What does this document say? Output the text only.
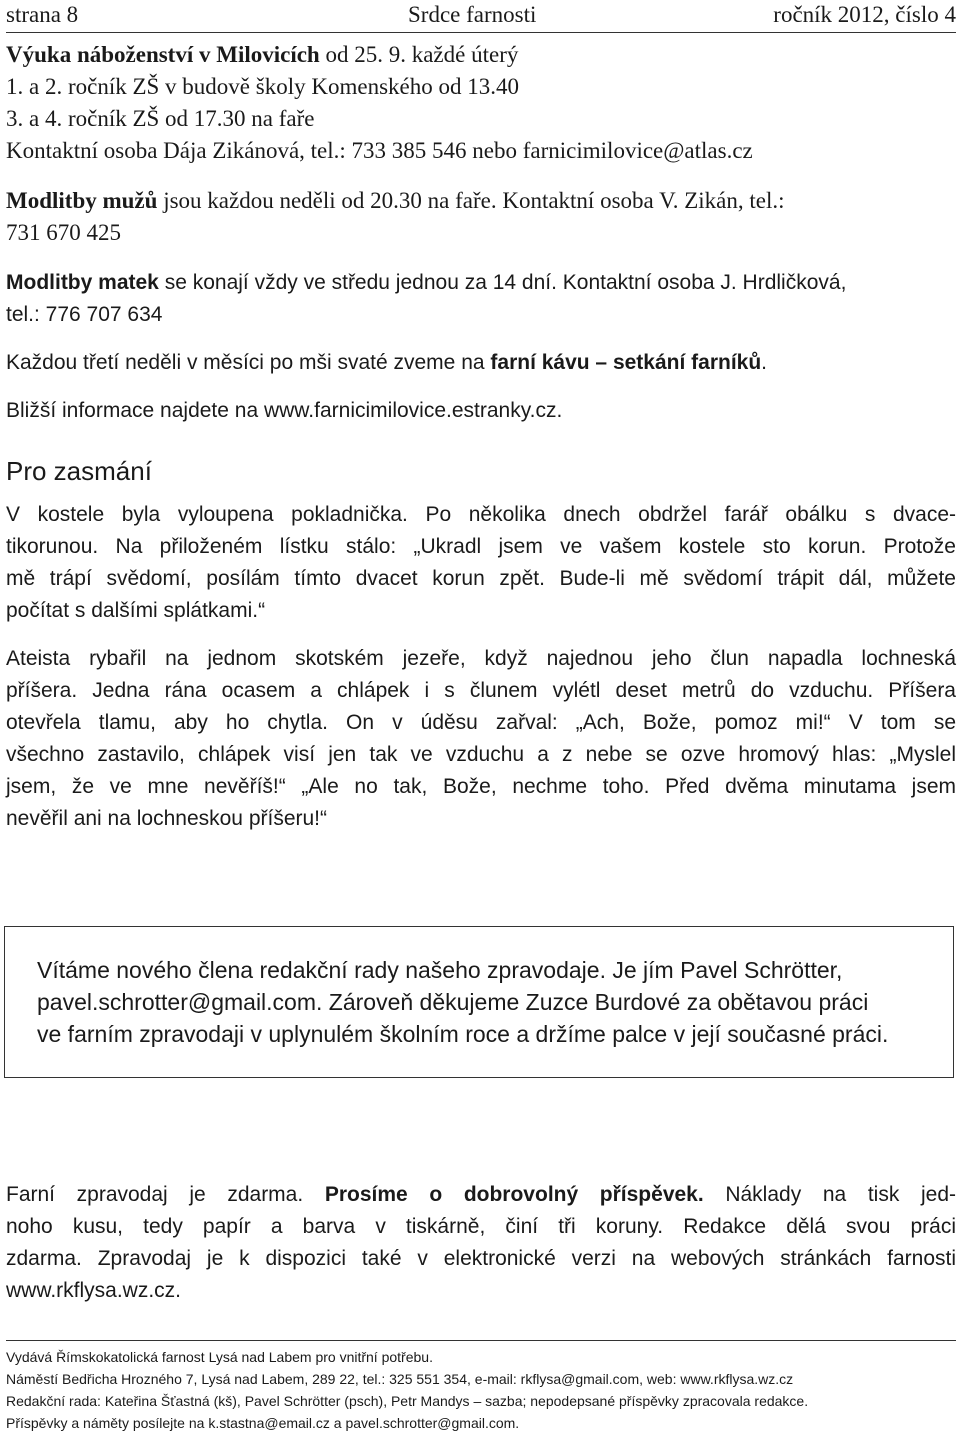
strana 8	Srdce farnosti	ročník 2012, číslo 4
Výuka náboženství v Milovicích od 25. 9. každé úterý
1. a 2. ročník ZŠ v budově školy Komenského od 13.40
3. a 4. ročník ZŠ od 17.30 na faře
Kontaktní osoba Dája Zikánová, tel.: 733 385 546 nebo farnicimilovice@atlas.cz
Modlitby mužů jsou každou neděli od 20.30 na faře. Kontaktní osoba V. Zikán, tel.:
731 670 425
Modlitby matek se konají vždy ve středu jednou za 14 dní. Kontaktní osoba J. Hrdličková,
tel.: 776 707 634
Každou třetí neděli v měsíci po mši svaté zveme na farní kávu – setkání farníků.
Bližší informace najdete na www.farnicimilovice.estranky.cz.
Pro zasmání
V kostele byla vyloupena pokladnička. Po několika dnech obdržel farář obálku s dvace-
tikorunou. Na přiloženém lístku stálo: „Ukradl jsem ve vašem kostele sto korun. Protože
mě trápí svědomí, posílám tímto dvacet korun zpět. Bude-li mě svědomí trápit dál, můžete
počítat s dalšími splátkami.“
Ateista rybařil na jednom skotském jezeře, když najednou jeho člun napadla lochneská
příšera. Jedna rána ocasem a chlápek i s člunem vylétl deset metrů do vzduchu. Příšera
otevřela tlamu, aby ho chytla. On v úděsu zařval: „Ach, Bože, pomoz mi!“ V tom se
všechno zastavilo, chlápek visí jen tak ve vzduchu a z nebe se ozve hromový hlas: „Myslel
jsem, že ve mne nevěříš!“ „Ale no tak, Bože, nechme toho. Před dvěma minutama jsem
nevěřil ani na lochneskou příšeru!“
Vítáme nového člena redakční rady našeho zpravodaje. Je jím Pavel Schrötter,
pavel.schrotter@gmail.com. Zároveň děkujeme Zuzce Burdové za obětavou práci
ve farním zpravodaji v uplynulém školním roce a držíme palce v její současné práci.
Farní zpravodaj je zdarma. Prosíme o dobrovolný příspěvek. Náklady na tisk jed-
noho kusu, tedy papír a barva v tiskárně, činí tři koruny. Redakce dělá svou práci
zdarma. Zpravodaj je k dispozici také v elektronické verzi na webových stránkách farnosti
www.rkflysa.wz.cz.
Vydává Římskokatolická farnost Lysá nad Labem pro vnitřní potřebu.
Náměstí Bedřicha Hrozného 7, Lysá nad Labem, 289 22, tel.: 325 551 354, e-mail: rkflysa@gmail.com, web: www.rkflysa.wz.cz
Redakční rada: Kateřina Šťastná (kš), Pavel Schrötter (psch), Petr Mandys – sazba; nepodepsané příspěvky zpracovala redakce.
Příspěvky a náměty posílejte na k.stastna@email.cz a pavel.schrotter@gmail.com.
